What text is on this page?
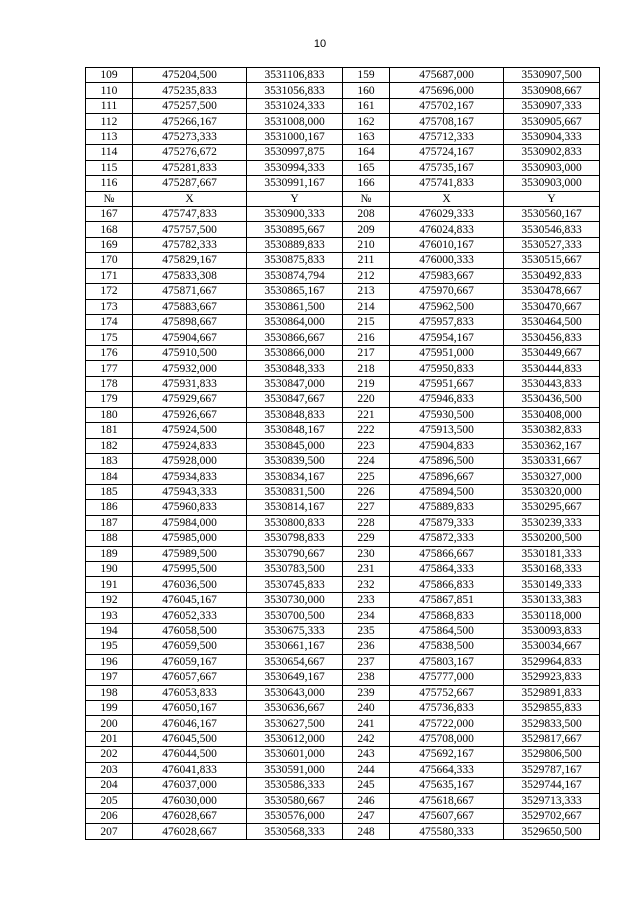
10
109	475204,500	3531106,833	159	475687,000	3530907,500
110	475235,833	3531056,833	160	475696,000	3530908,667
111	475257,500	3531024,333	161	475702,167	3530907,333
112	475266,167	3531008,000	162	475708,167	3530905,667
113	475273,333	3531000,167	163	475712,333	3530904,333
114	475276,672	3530997,875	164	475724,167	3530902,833
115	475281,833	3530994,333	165	475735,167	3530903,000
116	475287,667	3530991,167	166	475741,833	3530903,000
№	X	Y	№	X	Y
167	475747,833	3530900,333	208	476029,333	3530560,167
168	475757,500	3530895,667	209	476024,833	3530546,833
169	475782,333	3530889,833	210	476010,167	3530527,333
170	475829,167	3530875,833	211	476000,333	3530515,667
171	475833,308	3530874,794	212	475983,667	3530492,833
172	475871,667	3530865,167	213	475970,667	3530478,667
173	475883,667	3530861,500	214	475962,500	3530470,667
174	475898,667	3530864,000	215	475957,833	3530464,500
175	475904,667	3530866,667	216	475954,167	3530456,833
176	475910,500	3530866,000	217	475951,000	3530449,667
177	475932,000	3530848,333	218	475950,833	3530444,833
178	475931,833	3530847,000	219	475951,667	3530443,833
179	475929,667	3530847,667	220	475946,833	3530436,500
180	475926,667	3530848,833	221	475930,500	3530408,000
181	475924,500	3530848,167	222	475913,500	3530382,833
182	475924,833	3530845,000	223	475904,833	3530362,167
183	475928,000	3530839,500	224	475896,500	3530331,667
184	475934,833	3530834,167	225	475896,667	3530327,000
185	475943,333	3530831,500	226	475894,500	3530320,000
186	475960,833	3530814,167	227	475889,833	3530295,667
187	475984,000	3530800,833	228	475879,333	3530239,333
188	475985,000	3530798,833	229	475872,333	3530200,500
189	475989,500	3530790,667	230	475866,667	3530181,333
190	475995,500	3530783,500	231	475864,333	3530168,333
191	476036,500	3530745,833	232	475866,833	3530149,333
192	476045,167	3530730,000	233	475867,851	3530133,383
193	476052,333	3530700,500	234	475868,833	3530118,000
194	476058,500	3530675,333	235	475864,500	3530093,833
195	476059,500	3530661,167	236	475838,500	3530034,667
196	476059,167	3530654,667	237	475803,167	3529964,833
197	476057,667	3530649,167	238	475777,000	3529923,833
198	476053,833	3530643,000	239	475752,667	3529891,833
199	476050,167	3530636,667	240	475736,833	3529855,833
200	476046,167	3530627,500	241	475722,000	3529833,500
201	476045,500	3530612,000	242	475708,000	3529817,667
202	476044,500	3530601,000	243	475692,167	3529806,500
203	476041,833	3530591,000	244	475664,333	3529787,167
204	476037,000	3530586,333	245	475635,167	3529744,167
205	476030,000	3530580,667	246	475618,667	3529713,333
206	476028,667	3530576,000	247	475607,667	3529702,667
207	476028,667	3530568,333	248	475580,333	3529650,500
